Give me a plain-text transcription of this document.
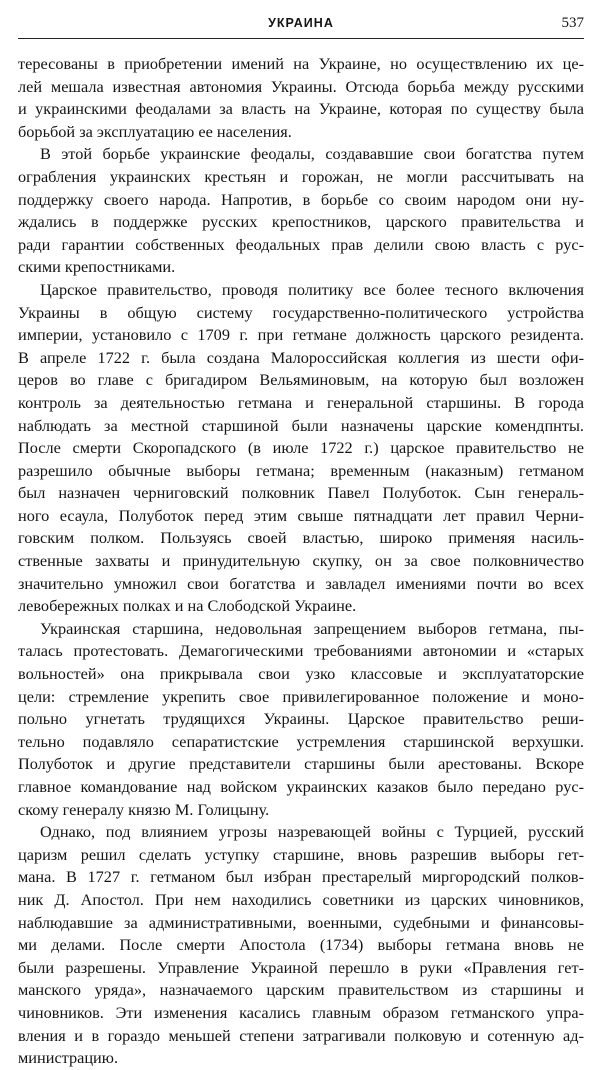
УКРАИНА	537
тересованы в приобретении имений на Украине, но осуществлению их це-
лей мешала известная автономия Украины. Отсюда борьба между русскими
и украинскими феодалами за власть на Украине, которая по существу была
борьбой за эксплуатацию ее населения.
В этой борьбе украинские феодалы, создававшие свои богатства путем
ограбления украинских крестьян и горожан, не могли рассчитывать на
поддержку своего народа. Напротив, в борьбе со своим народом они ну-
ждались в поддержке русских крепостников, царского правительства и
ради гарантии собственных феодальных прав делили свою власть с рус-
скими крепостниками.
Царское правительство, проводя политику все более тесного включения
Украины в общую систему государственно-политического устройства
империи, установило с 1709 г. при гетмане должность царского резидента.
В апреле 1722 г. была создана Малороссийская коллегия из шести офи-
церов во главе с бригадиром Вельяминовым, на которую был возложен
контроль за деятельностью гетмана и генеральной старшины. В города
наблюдать за местной старшиной были назначены царские комендпнты.
После смерти Скоропадского (в июле 1722 г.) царское правительство не
разрешило обычные выборы гетмана; временным (наказным) гетманом
был назначен черниговский полковник Павел Полуботок. Сын генераль-
ного есаула, Полуботок перед этим свыше пятнадцати лет правил Черни-
говским полком. Пользуясь своей властью, широко применяя насиль-
ственные захваты и принудительную скупку, он за свое полковничество
значительно умножил свои богатства и завладел имениями почти во всех
левобережных полках и на Слободской Украине.
Украинская старшина, недовольная запрещением выборов гетмана, пы-
талась протестовать. Демагогическими требованиями автономии и «старых
вольностей» она прикрывала свои узко классовые и эксплуататорские
цели: стремление укрепить свое привилегированное положение и моно-
польно угнетать трудящихся Украины. Царское правительство реши-
тельно подавляло сепаратистские устремления старшинской верхушки.
Полуботок и другие представители старшины были арестованы. Вскоре
главное командование над войском украинских казаков было передано рус-
скому генералу князю М. Голицыну.
Однако, под влиянием угрозы назревающей войны с Турцией, русский
царизм решил сделать уступку старшине, вновь разрешив выборы гет-
мана. В 1727 г. гетманом был избран престарелый миргородский полков-
ник Д. Апостол. При нем находились советники из царских чиновников,
наблюдавшие за административными, военными, судебными и финансовы-
ми делами. После смерти Апостола (1734) выборы гетмана вновь не
были разрешены. Управление Украиной перешло в руки «Правления гет-
манского уряда», назначаемого царским правительством из старшины и
чиновников. Эти изменения касались главным образом гетманского упра-
вления и в гораздо меньшей степени затрагивали полковую и сотенную ад-
министрацию.
